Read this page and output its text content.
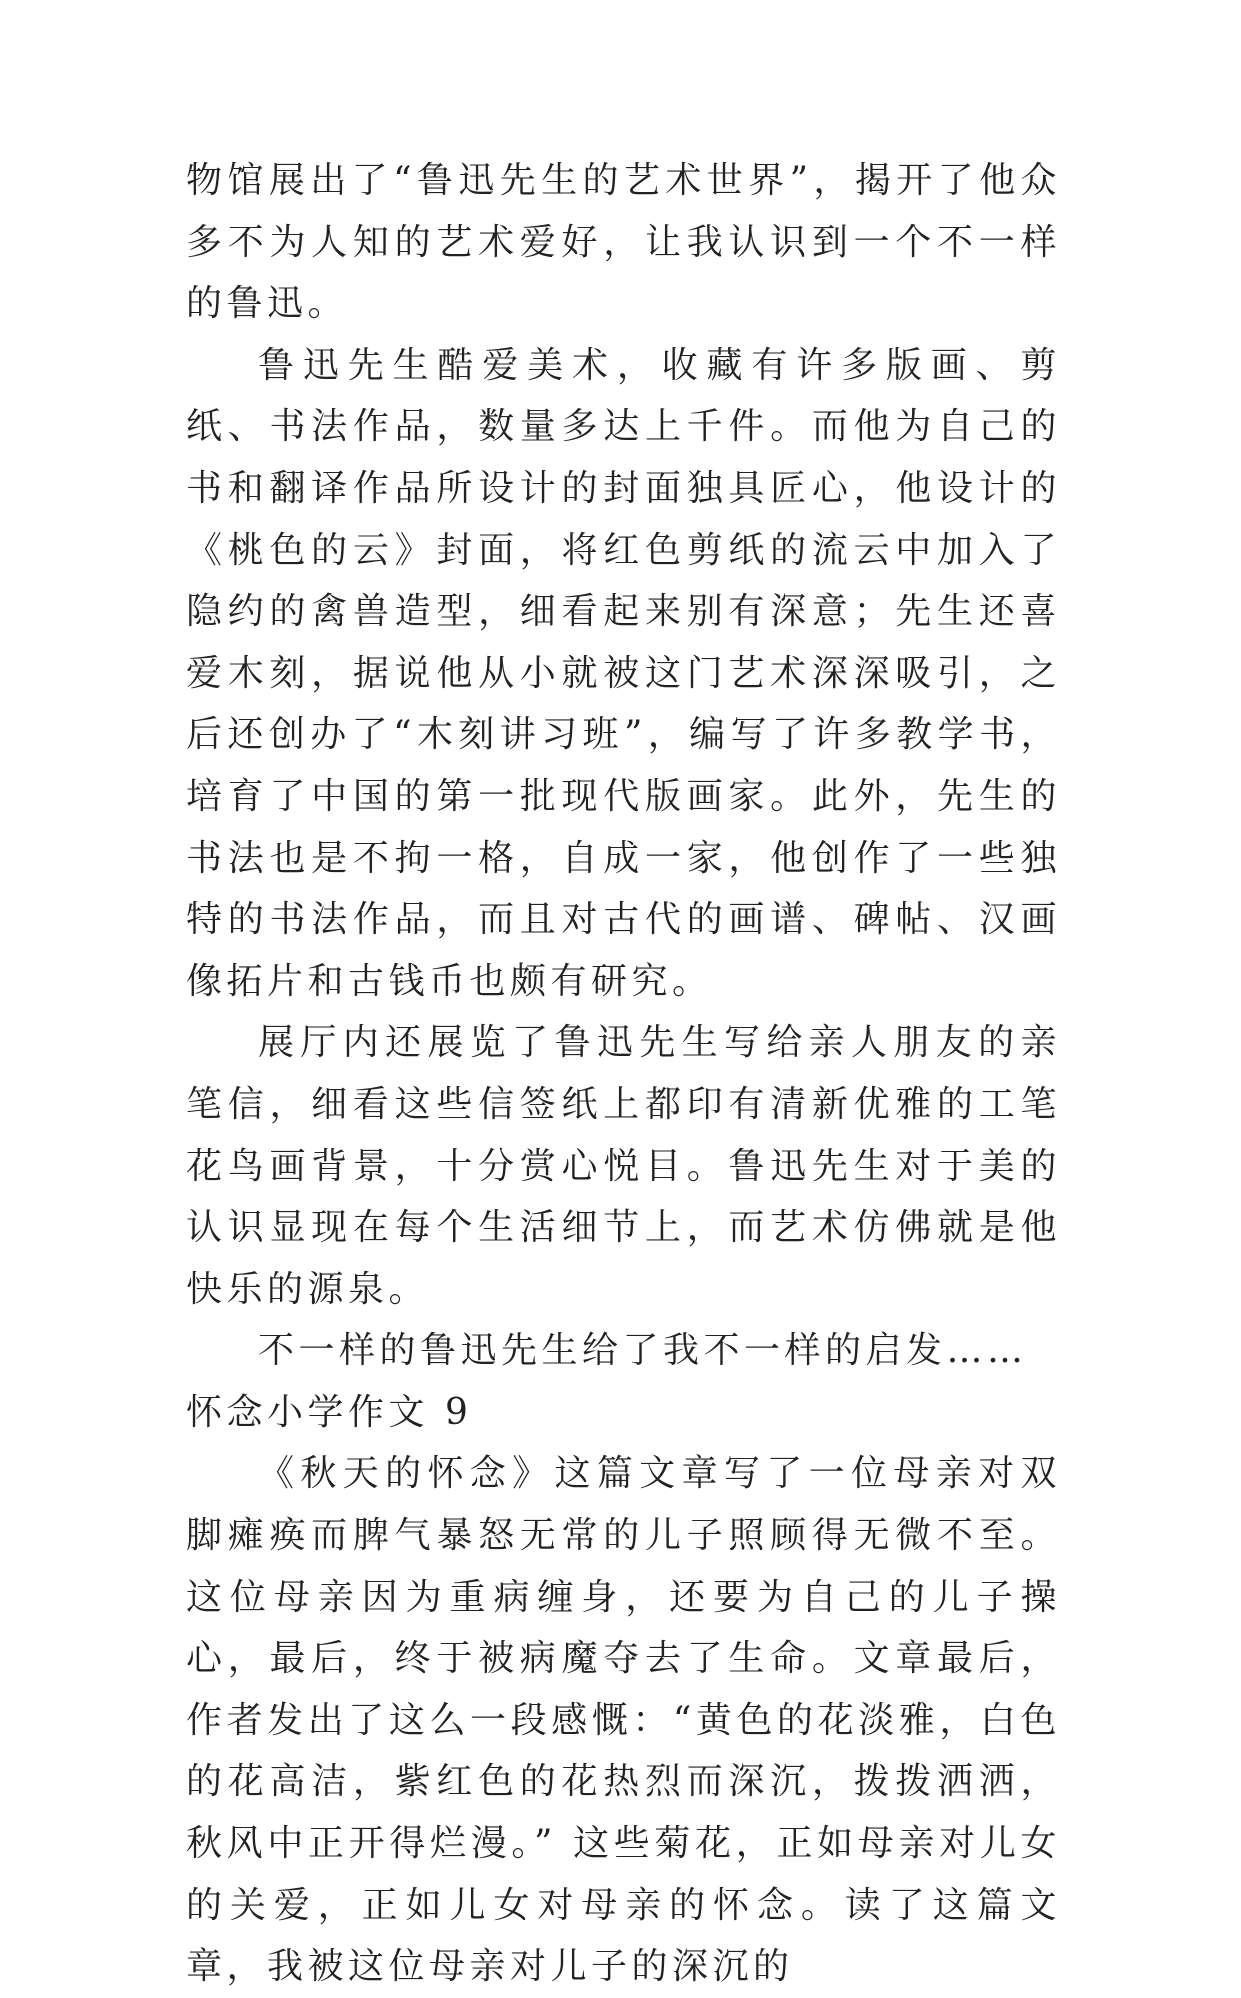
物馆展出了“鲁迅先生的艺术世界”，揭开了他众多不为人知的艺术爱好，让我认识到一个不一样的鲁迅。

鲁迅先生酷爱美术，收藏有许多版画、剪纸、书法作品，数量多达上千件。而他为自己的书和翻译作品所设计的封面独具匠心，他设计的《桃色的云》封面，将红色剪纸的流云中加入了隐约的禽兽造型，细看起来别有深意；先生还喜爱木刻，据说他从小就被这门艺术深深吸引，之后还创办了“木刻讲习班”，编写了许多教学书，培育了中国的第一批现代版画家。此外，先生的书法也是不拘一格，自成一家，他创作了一些独特的书法作品，而且对古代的画谱、碑帖、汉画像拓片和古钱币也颇有研究。

展厅内还展览了鲁迅先生写给亲人朋友的亲笔信，细看这些信签纸上都印有清新优雅的工笔花鸟画背景，十分赏心悦目。鲁迅先生对于美的认识显现在每个生活细节上，而艺术仿佛就是他快乐的源泉。

不一样的鲁迅先生给了我不一样的启发……

怀念小学作文 9

《秋天的怀念》这篇文章写了一位母亲对双脚瘫痪而脾气暴怒无常的儿子照顾得无微不至。这位母亲因为重病缠身，还要为自己的儿子操心，最后，终于被病魔夺去了生命。文章最后，作者发出了这么一段感慨：“黄色的花淡雅，白色的花高洁，紫红色的花热烈而深沉，拨拨洒洒，秋风中正开得烂漫。” 这些菊花，正如母亲对儿女的关爱，正如儿女对母亲的怀念。读了这篇文章，我被这位母亲对儿子的深沉的
